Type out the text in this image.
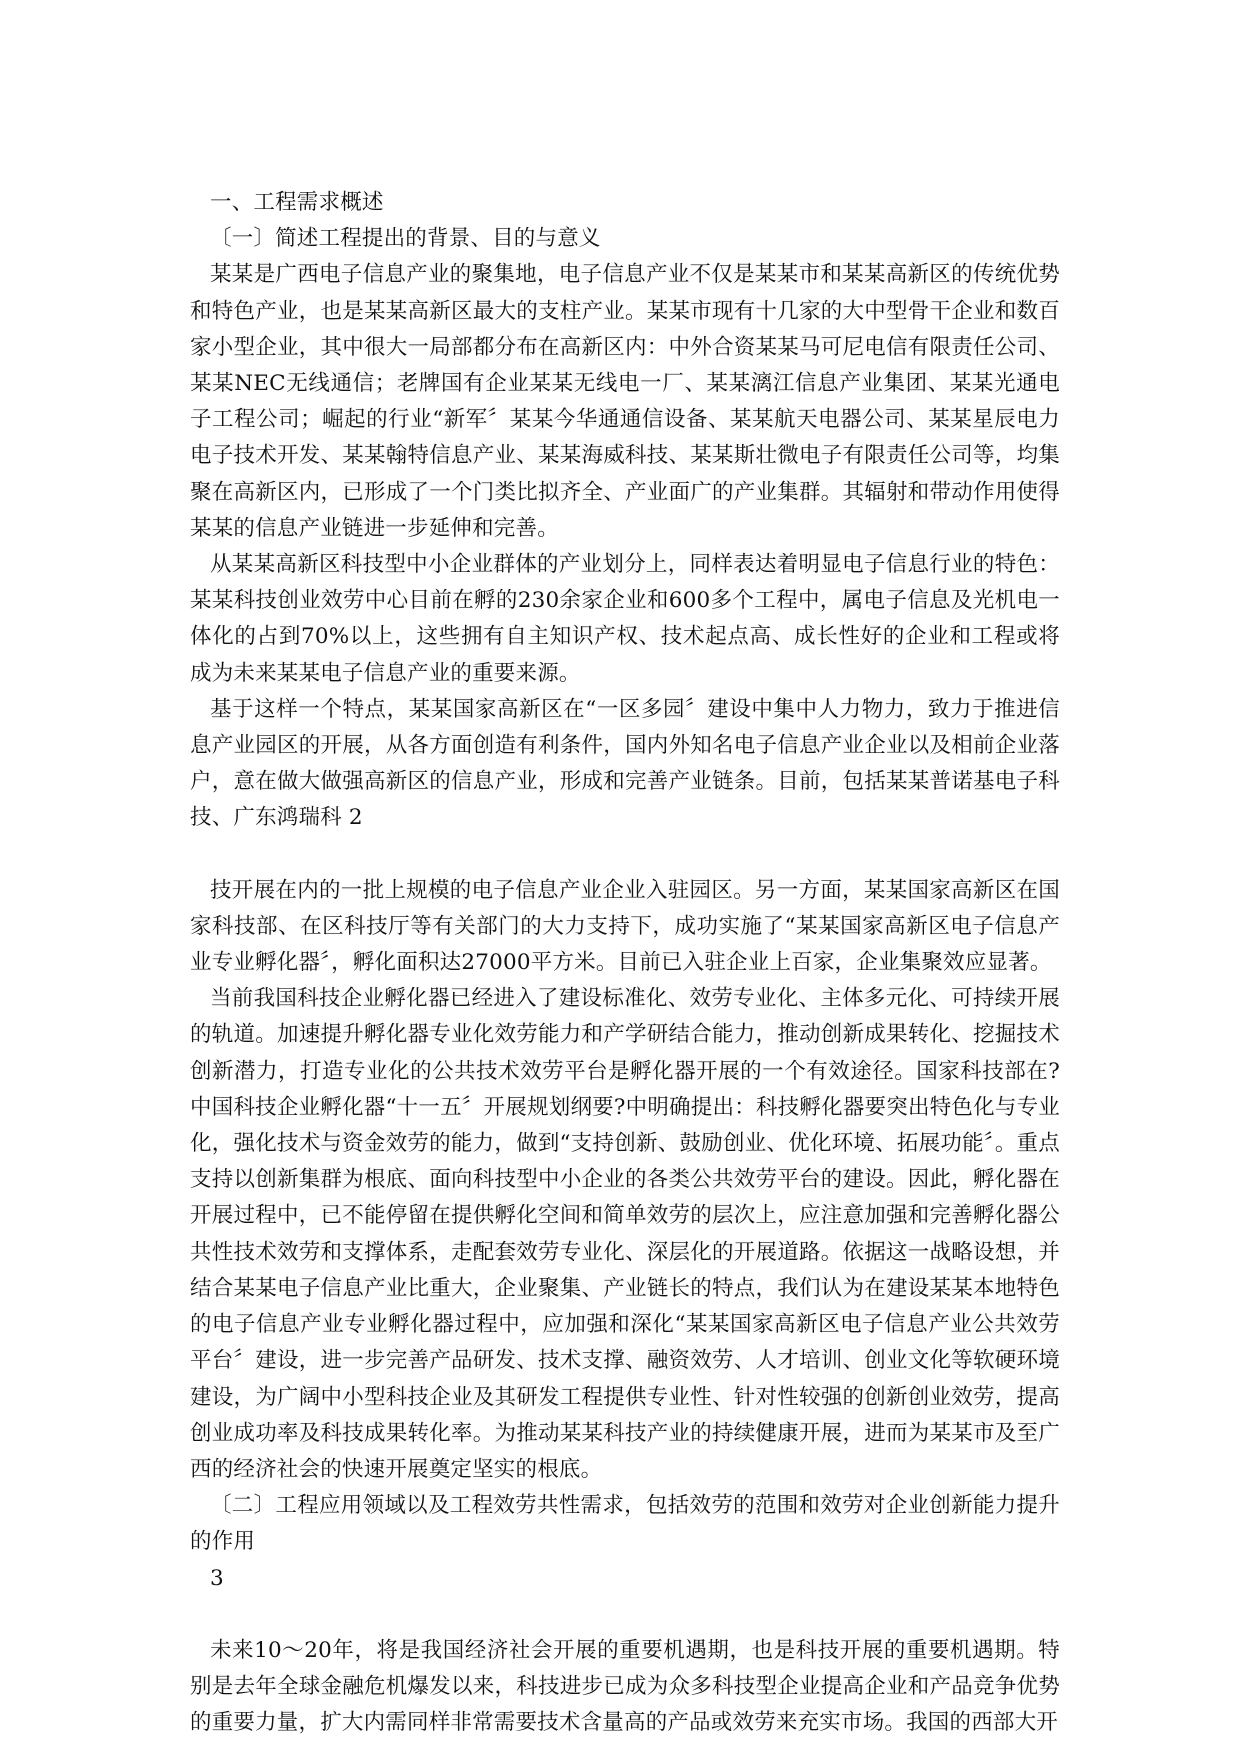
一、工程需求概述

〔一〕简述工程提出的背景、目的与意义

某某是广西电子信息产业的聚集地，电子信息产业不仅是某某市和某某高新区的传统优势和特色产业，也是某某高新区最大的支柱产业。某某市现有十几家的大中型骨干企业和数百家小型企业，其中很大一局部都分布在高新区内：中外合资某某马可尼电信有限责任公司、某某NEC无线通信；老牌国有企业某某无线电一厂、某某漓江信息产业集团、某某光通电子工程公司；崛起的行业“新军〞某某今华通通信设备、某某航天电器公司、某某星辰电力电子技术开发、某某翰特信息产业、某某海威科技、某某斯壮微电子有限责任公司等，均集聚在高新区内，已形成了一个门类比拟齐全、产业面广的产业集群。其辐射和带动作用使得某某的信息产业链进一步延伸和完善。

从某某高新区科技型中小企业群体的产业划分上，同样表达着明显电子信息行业的特色：某某科技创业效劳中心目前在孵的230余家企业和600多个工程中，属电子信息及光机电一体化的占到70%以上，这些拥有自主知识产权、技术起点高、成长性好的企业和工程或将成为未来某某电子信息产业的重要来源。

基于这样一个特点，某某国家高新区在“一区多园〞建设中集中人力物力，致力于推进信息产业园区的开展，从各方面创造有利条件，国内外知名电子信息产业企业以及相前企业落户，意在做大做强高新区的信息产业，形成和完善产业链条。目前，包括某某普诺基电子科技、广东鸿瑞科 2

技开展在内的一批上规模的电子信息产业企业入驻园区。另一方面，某某国家高新区在国家科技部、在区科技厅等有关部门的大力支持下，成功实施了“某某国家高新区电子信息产业专业孵化器〞，孵化面积达27000平方米。目前已入驻企业上百家，企业集聚效应显著。

当前我国科技企业孵化器已经进入了建设标准化、效劳专业化、主体多元化、可持续开展的轨道。加速提升孵化器专业化效劳能力和产学研结合能力，推动创新成果转化、挖掘技术创新潜力，打造专业化的公共技术效劳平台是孵化器开展的一个有效途径。国家科技部在?中国科技企业孵化器“十一五〞开展规划纲要?中明确提出：科技孵化器要突出特色化与专业化，强化技术与资金效劳的能力，做到“支持创新、鼓励创业、优化环境、拓展功能〞。重点支持以创新集群为根底、面向科技型中小企业的各类公共效劳平台的建设。因此，孵化器在开展过程中，已不能停留在提供孵化空间和简单效劳的层次上，应注意加强和完善孵化器公共性技术效劳和支撑体系，走配套效劳专业化、深层化的开展道路。依据这一战略设想，并结合某某电子信息产业比重大，企业聚集、产业链长的特点，我们认为在建设某某本地特色的电子信息产业专业孵化器过程中，应加强和深化“某某国家高新区电子信息产业公共效劳平台〞建设，进一步完善产品研发、技术支撑、融资效劳、人才培训、创业文化等软硬环境建设，为广阔中小型科技企业及其研发工程提供专业性、针对性较强的创新创业效劳，提高创业成功率及科技成果转化率。为推动某某科技产业的持续健康开展，进而为某某市及至广西的经济社会的快速开展奠定坚实的根底。

〔二〕工程应用领域以及工程效劳共性需求，包括效劳的范围和效劳对企业创新能力提升的作用

3

未来10～20年，将是我国经济社会开展的重要机遇期，也是科技开展的重要机遇期。特别是去年全球金融危机爆发以来，科技进步已成为众多科技型企业提高企业和产品竞争优势的重要力量，扩大内需同样非常需要技术含量高的产品或效劳来充实市场。我国的西部大开
